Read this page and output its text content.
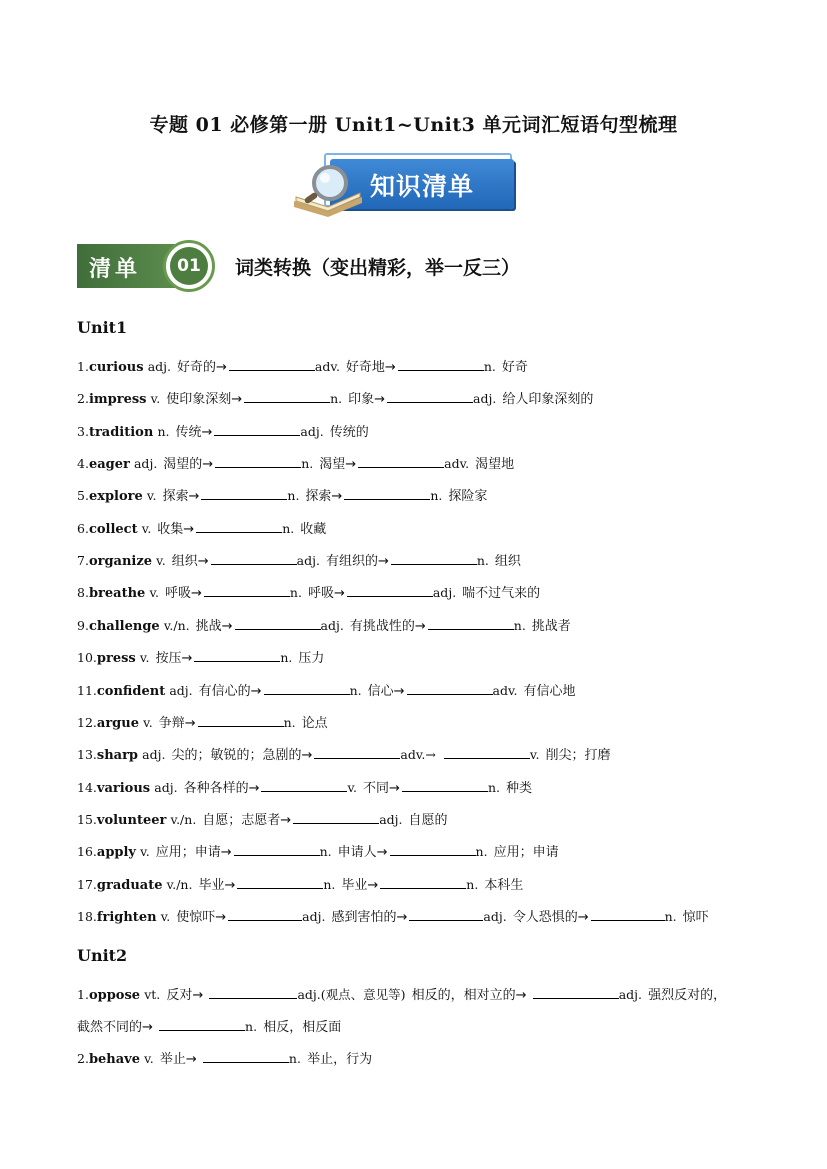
专题 01 必修第一册 Unit1~Unit3 单元词汇短语句型梳理
知识清单
清单	01	词类转换（变出精彩，举一反三）
Unit1
1.curious adj. 好奇的→	adv. 好奇地→	n. 好奇
2.impress v. 使印象深刻→	n. 印象→	adj. 给人印象深刻的
3.tradition n. 传统→	adj. 传统的
4.eager adj. 渴望的→	n. 渴望→	adv. 渴望地
5.explore v. 探索→	n. 探索→	n. 探险家
6.collect v. 收集→	n. 收藏
7.organize v. 组织→	adj. 有组织的→	n. 组织
8.breathe v. 呼吸→	n. 呼吸→	adj. 喘不过气来的
9.challenge v./n. 挑战→	adj. 有挑战性的→	n. 挑战者
10.press v. 按压→	n. 压力
11.confident adj. 有信心的→	n. 信心→	adv. 有信心地
12.argue v. 争辩→	n. 论点
13.sharp adj. 尖的；敏锐的；急剧的→	adv.→	v. 削尖；打磨
14.various adj. 各种各样的→	v. 不同→	n. 种类
15.volunteer v./n. 自愿；志愿者→	adj. 自愿的
16.apply v. 应用；申请→	n. 申请人→	n. 应用；申请
17.graduate v./n. 毕业→	n. 毕业→	n. 本科生
18.frighten v. 使惊吓→	adj. 感到害怕的→	adj. 令人恐惧的→	n. 惊吓
Unit2
1.oppose vt. 反对→	adj.(观点、意见等) 相反的，相对立的→	adj. 强烈反对的，
截然不同的→	n. 相反，相反面
2.behave v. 举止→	n. 举止，行为
